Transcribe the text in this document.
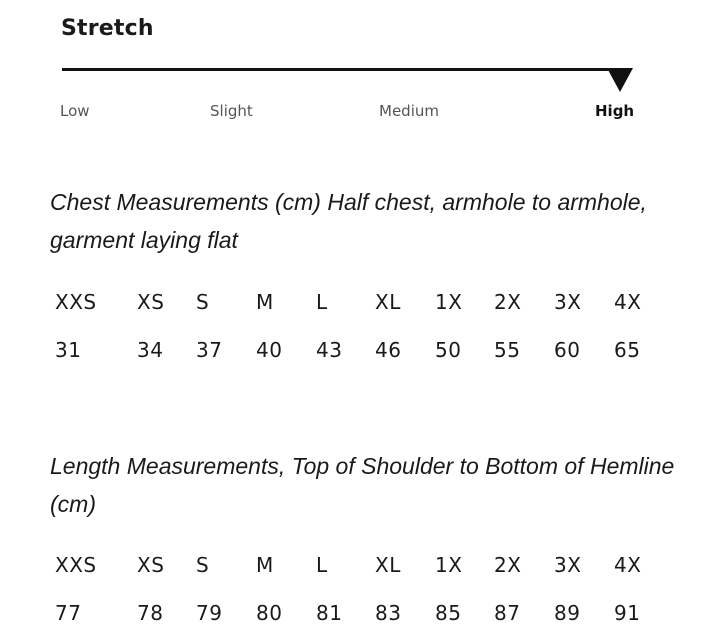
Stretch
Low	Slight	Medium	High
Chest Measurements (cm) Half chest, armhole to armhole, garment laying flat
XXS XS S M L XL 1X 2X 3X 4X
31	34 37 40 43 46 50 55 60 65
Length Measurements, Top of Shoulder to Bottom of Hemline (cm)
XXS XS S M L XL 1X 2X 3X 4X
77	78 79 80 81 83 85 87 89 91
